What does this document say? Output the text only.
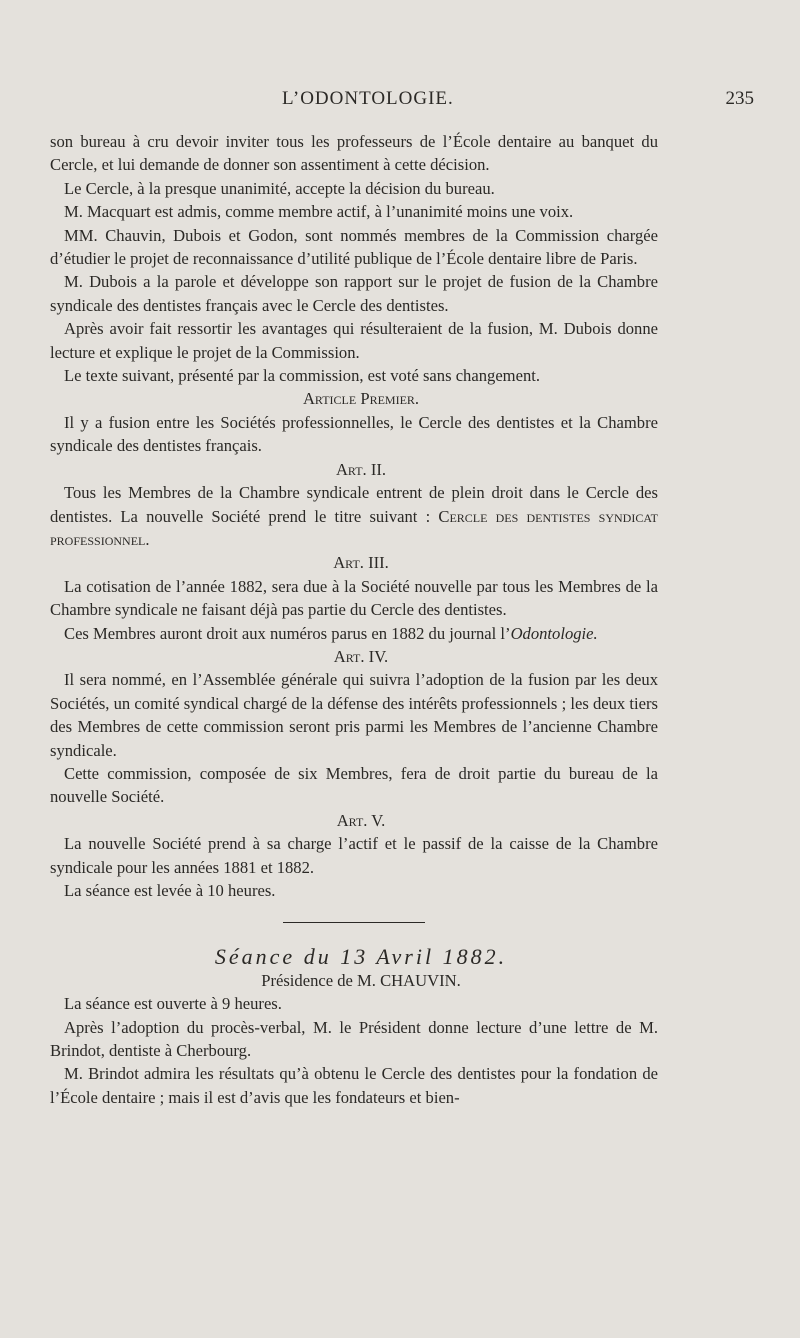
L’ODONTOLOGIE.	235

son bureau à cru devoir inviter tous les professeurs de l’École dentaire au banquet du Cercle, et lui demande de donner son assentiment à cette décision.

Le Cercle, à la presque unanimité, accepte la décision du bureau.

M. Macquart est admis, comme membre actif, à l’unanimité moins une voix.

MM. Chauvin, Dubois et Godon, sont nommés membres de la Commission chargée d’étudier le projet de reconnaissance d’utilité publique de l’École dentaire libre de Paris.

M. Dubois a la parole et développe son rapport sur le projet de fusion de la Chambre syndicale des dentistes français avec le Cercle des dentistes.

Après avoir fait ressortir les avantages qui résulteraient de la fusion, M. Dubois donne lecture et explique le projet de la Commission.

Le texte suivant, présenté par la commission, est voté sans changement.

Article Premier.

Il y a fusion entre les Sociétés professionnelles, le Cercle des dentistes et la Chambre syndicale des dentistes français.

Art. II.

Tous les Membres de la Chambre syndicale entrent de plein droit dans le Cercle des dentistes. La nouvelle Société prend le titre suivant : Cercle des dentistes syndicat professionnel.

Art. III.

La cotisation de l’année 1882, sera due à la Société nouvelle par tous les Membres de la Chambre syndicale ne faisant déjà pas partie du Cercle des dentistes.

Ces Membres auront droit aux numéros parus en 1882 du journal l’Odontologie.

Art. IV.

Il sera nommé, en l’Assemblée générale qui suivra l’adoption de la fusion par les deux Sociétés, un comité syndical chargé de la défense des intérêts professionnels ; les deux tiers des Membres de cette commission seront pris parmi les Membres de l’ancienne Chambre syndicale.

Cette commission, composée de six Membres, fera de droit partie du bureau de la nouvelle Société.

Art. V.

La nouvelle Société prend à sa charge l’actif et le passif de la caisse de la Chambre syndicale pour les années 1881 et 1882.

La séance est levée à 10 heures.

Séance du 13 Avril 1882.

Présidence de M. CHAUVIN.

La séance est ouverte à 9 heures.

Après l’adoption du procès-verbal, M. le Président donne lecture d’une lettre de M. Brindot, dentiste à Cherbourg.

M. Brindot admira les résultats qu’à obtenu le Cercle des dentistes pour la fondation de l’École dentaire ; mais il est d’avis que les fondateurs et bien-
